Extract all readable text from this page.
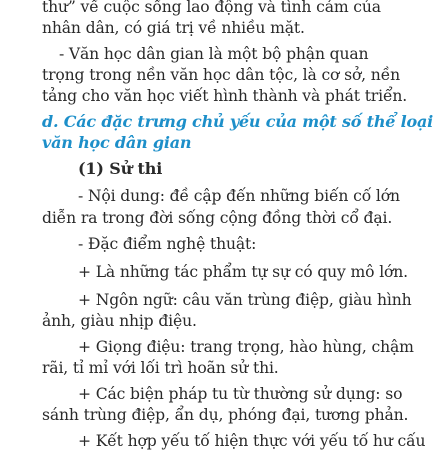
thư” về cuộc sống lao động và tình cảm của
nhân dân, có giá trị về nhiều mặt.
- Văn học dân gian là một bộ phận quan
trọng trong nền văn học dân tộc, là cơ sở, nền
tảng cho văn học viết hình thành và phát triển.
d. Các đặc trưng chủ yếu của một số thể loại
văn học dân gian
(1) Sử thi
- Nội dung: đề cập đến những biến cố lớn
diễn ra trong đời sống cộng đồng thời cổ đại.
- Đặc điểm nghệ thuật:
+ Là những tác phẩm tự sự có quy mô lớn.
+ Ngôn ngữ: câu văn trùng điệp, giàu hình
ảnh, giàu nhịp điệu.
+ Giọng điệu: trang trọng, hào hùng, chậm
rãi, tỉ mỉ với lối trì hoãn sử thi.
+ Các biện pháp tu từ thường sử dụng: so
sánh trùng điệp, ẩn dụ, phóng đại, tương phản.
+ Kết hợp yếu tố hiện thực với yếu tố hư cấu
